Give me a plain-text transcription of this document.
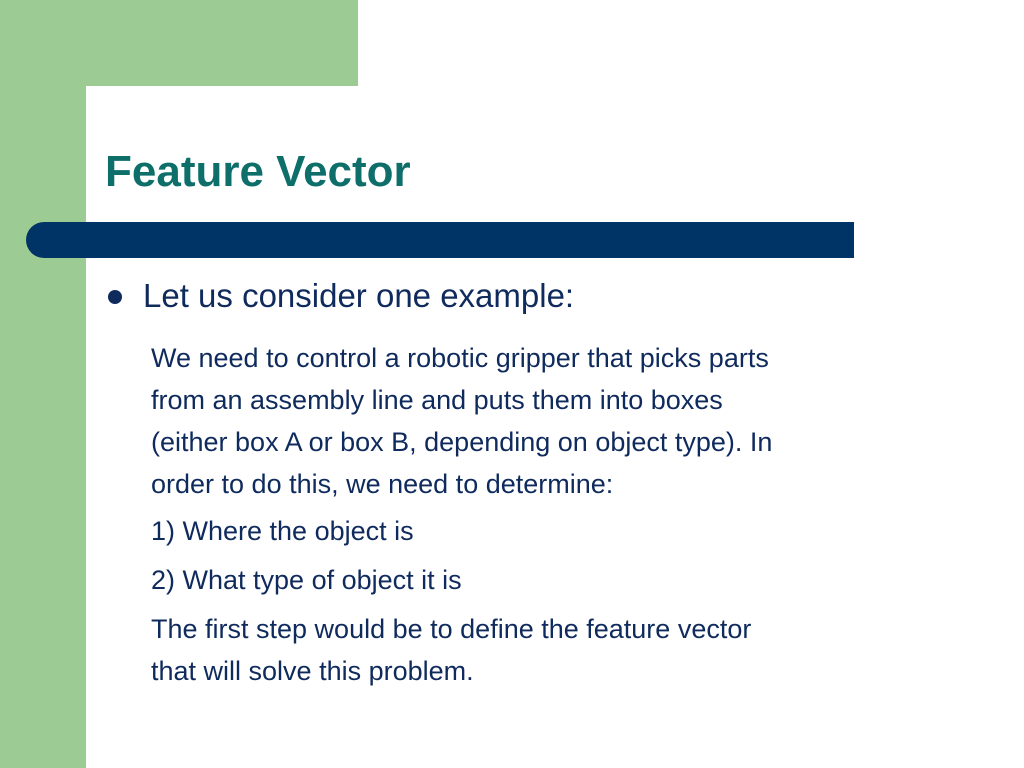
Feature Vector
Let us consider one example:

We need to control a robotic gripper that picks parts
from an assembly line and puts them into boxes
(either box A or box B, depending on object type). In
order to do this, we need to determine:

1) Where the object is

2) What type of object it is

The first step would be to define the feature vector
that will solve this problem.
